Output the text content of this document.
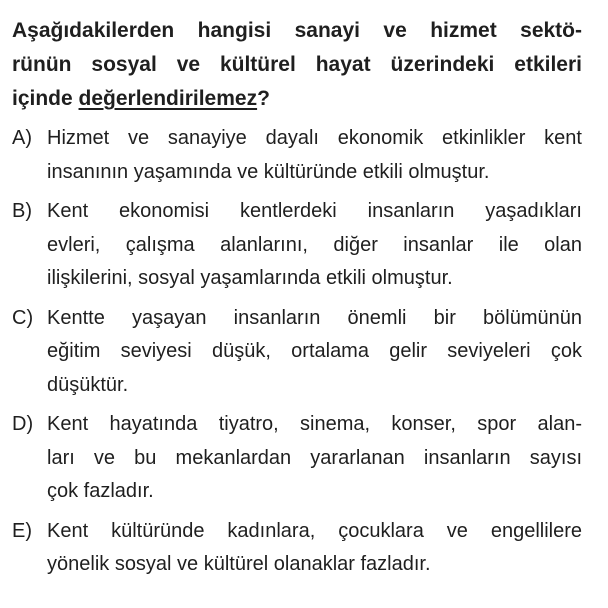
Aşağıdakilerden hangisi sanayi ve hizmet sektö-
rünün sosyal ve kültürel hayat üzerindeki etkileri
içinde değerlendirilemez?
A) Hizmet ve sanayiye dayalı ekonomik etkinlikler kent
insanının yaşamında ve kültüründe etkili olmuştur.
B) Kent ekonomisi kentlerdeki insanların yaşadıkları
evleri, çalışma alanlarını, diğer insanlar ile olan
ilişkilerini, sosyal yaşamlarında etkili olmuştur.
C) Kentte yaşayan insanların önemli bir bölümünün
eğitim seviyesi düşük, ortalama gelir seviyeleri çok
düşüktür.
D) Kent hayatında tiyatro, sinema, konser, spor alan-
ları ve bu mekanlardan yararlanan insanların sayısı
çok fazladır.
E) Kent kültüründe kadınlara, çocuklara ve engellilere
yönelik sosyal ve kültürel olanaklar fazladır.
